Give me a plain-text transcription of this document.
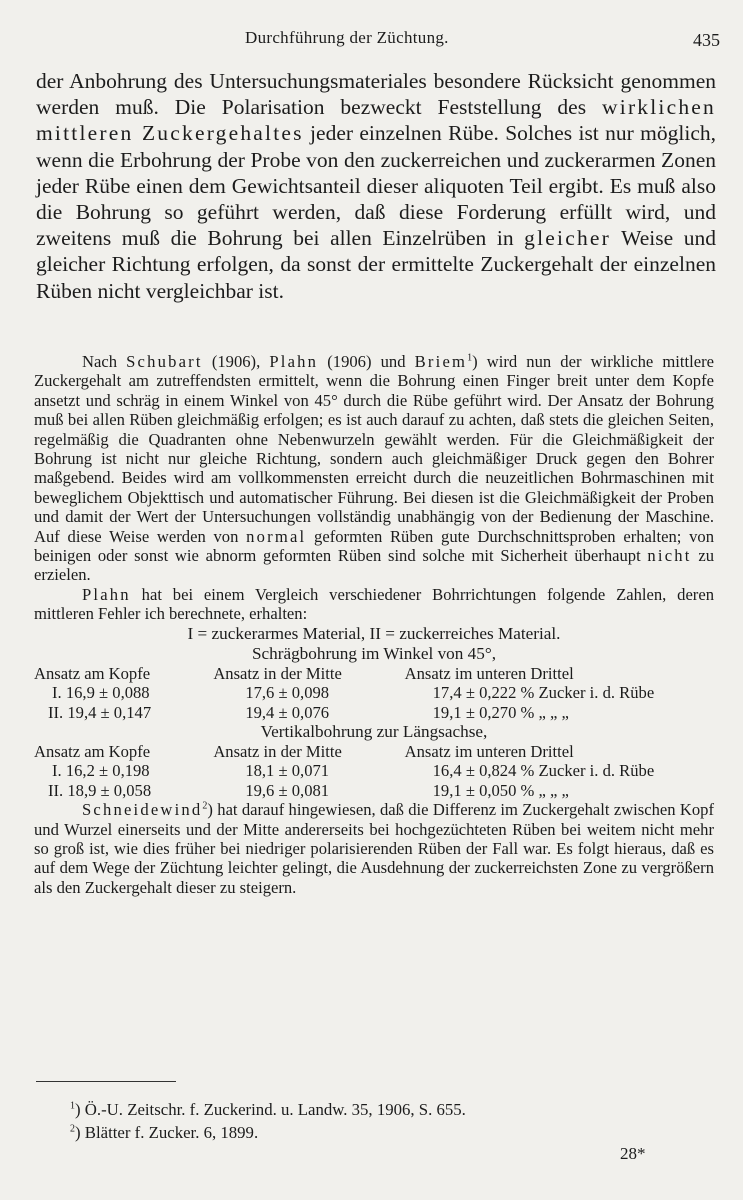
Durchführung der Züchtung.	435

der Anbohrung des Untersuchungsmateriales besondere Rücksicht genommen werden muß. Die Polarisation bezweckt Feststellung des wirklichen mittleren Zuckergehaltes jeder einzelnen Rübe. Solches ist nur möglich, wenn die Erbohrung der Probe von den zuckerreichen und zuckerarmen Zonen jeder Rübe einen dem Gewichtsanteil dieser aliquoten Teil ergibt. Es muß also die Bohrung so geführt werden, daß diese Forderung erfüllt wird, und zweitens muß die Bohrung bei allen Einzelrüben in gleicher Weise und gleicher Richtung erfolgen, da sonst der ermittelte Zuckergehalt der einzelnen Rüben nicht vergleichbar ist.

Nach Schubart (1906), Plahn (1906) und Briem$^1$) wird nun der wirkliche mittlere Zuckergehalt am zutreffendsten ermittelt, wenn die Bohrung einen Finger breit unter dem Kopfe ansetzt und schräg in einem Winkel von 45° durch die Rübe geführt wird. Der Ansatz der Bohrung muß bei allen Rüben gleichmäßig erfolgen; es ist auch darauf zu achten, daß stets die gleichen Seiten, regelmäßig die Quadranten ohne Nebenwurzeln gewählt werden. Für die Gleichmäßigkeit der Bohrung ist nicht nur gleiche Richtung, sondern auch gleichmäßiger Druck gegen den Bohrer maßgebend. Beides wird am vollkommensten erreicht durch die neuzeitlichen Bohrmaschinen mit beweglichem Objekttisch und automatischer Führung. Bei diesen ist die Gleichmäßigkeit der Proben und damit der Wert der Untersuchungen vollständig unabhängig von der Bedienung der Maschine. Auf diese Weise werden von normal geformten Rüben gute Durchschnittsproben erhalten; von beinigen oder sonst wie abnorm geformten Rüben sind solche mit Sicherheit überhaupt nicht zu erzielen.

Plahn hat bei einem Vergleich verschiedener Bohrrichtungen folgende Zahlen, deren mittleren Fehler ich berechnete, erhalten:

I = zuckerarmes Material, II = zuckerreiches Material.

Schrägbohrung im Winkel von 45°,

Ansatz am Kopfe	Ansatz in der Mitte	Ansatz im unteren Drittel
I. 16,9 ± 0,088	17,6 ± 0,098	17,4 ± 0,222 % Zucker i. d. Rübe
II. 19,4 ± 0,147	19,4 ± 0,076	19,1 ± 0,270 % „ „ „

Vertikalbohrung zur Längsachse,

Ansatz am Kopfe	Ansatz in der Mitte	Ansatz im unteren Drittel
I. 16,2 ± 0,198	18,1 ± 0,071	16,4 ± 0,824 % Zucker i. d. Rübe
II. 18,9 ± 0,058	19,6 ± 0,081	19,1 ± 0,050 % „ „ „

Schneidewind$^2$) hat darauf hingewiesen, daß die Differenz im Zuckergehalt zwischen Kopf und Wurzel einerseits und der Mitte andererseits bei hochgezüchteten Rüben bei weitem nicht mehr so groß ist, wie dies früher bei niedriger polarisierenden Rüben der Fall war. Es folgt hieraus, daß es auf dem Wege der Züchtung leichter gelingt, die Ausdehnung der zuckerreichsten Zone zu vergrößern als den Zuckergehalt dieser zu steigern.

$^1$) Ö.-U. Zeitschr. f. Zuckerind. u. Landw. 35, 1906, S. 655.
$^2$) Blätter f. Zucker. 6, 1899.
28*
